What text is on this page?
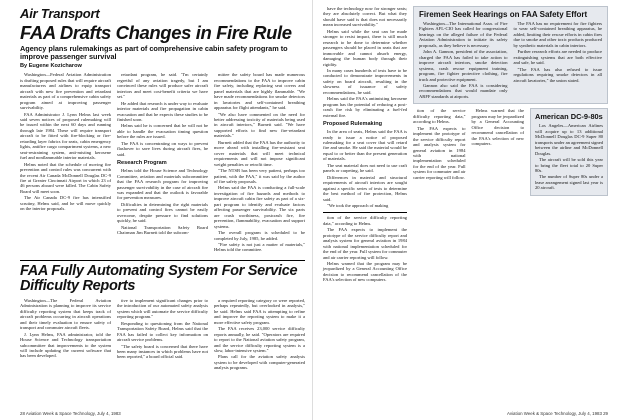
Air Transport
FAA Drafts Changes in Fire Rule
Agency plans rulemakings as part of comprehensive cabin safety program to improve passenger survival
By Eugene Kozicharow

Washington—Federal Aviation Administration is drafting proposed rules that will require aircraft manufacturers and airlines to equip transport aircraft with new fire prevention and retardant materials as part of a comprehensive cabin safety program aimed at improving passenger survivability.

FAA Administrator J. Lynn Helms last week said seven notices of proposed rulemaking will be issued within the next 60 days and running through late 1984. These will require transport aircraft to be fitted with fire-blocking or fire-retarding layer fabrics for seats, cabin emergency lights, antifire cargo compartment systems, a new seat-restraining system, anti-misting kerosene fuel and nonflammable interior materials.

Helms noted that the schedule of moving fire prevention and control rules was concurrent with the recent Air Canada McDonnell Douglas DC-9 fire at Greater Cincinnati Airport in which 23 of 46 persons aboard were killed. The Cabin Safety Board will meet soon.

The Air Canada DC-9 fire has intensified scrutiny, Helms said, and he will move quickly on the interior proposals.

retardant program, he said. "I'm certainly regretful of any aviation tragedy, but I am convinced these rules will produce safer aircraft interiors and meet cost-benefit criteria we have set."

He added that research is under way to evaluate interior materials and fire propagation in cabin evacuation and that he expects these studies to be finished soon.

Helms said he is concerned that he will not be able to handle the evacuation timing question before the rules are issued.

The FAA is concentrating on ways to prevent flashover to save lives during aircraft fires, he said.

Research Program

Helms told the House Science and Technology Committee, aviation and materials subcommittee that the FAA research program for improving passenger survivability in the case of aircraft fire was expanded and that the outlook is favorable for prevention measures.

Difficulties in determining the right materials to prevent and control fires cannot be easily overcome, despite pressure to find solutions quickly, he said.

National Transportation Safety Board Chairman Jim Burnett told the subcom-

mittee the safety board has made numerous recommendations to the FAA to improve cabin fire safety, including replacing seat covers and panel materials that are highly flammable. "We have made recommendations for smoke detectors in lavatories and self-contained breathing apparatus for flight attendants," he said.

"We also have commented on the need for better addressing toxicity of materials being used in aircraft interiors," Burnett said. "We have supported efforts to find new fire-retardant materials."

Burnett added that the FAA has the authority to move ahead with installing fire-resistant seat cover materials that will meet technical requirements and will not impose significant weight penalties or retrofit time.

"The NTSB has been very patient, perhaps too patient, with the FAA," it was said by the author of fire safety proposals.

Helms said the FAA is conducting a full-scale investigation of fire hazards and methods to improve aircraft cabin fire safety as part of a six-part program to identify and evaluate factors affecting passenger survivability. The six parts are crash worthiness, postcrash fire, fire prevention, flammability, evacuation and support systems.

The overall program is scheduled to be completed by July, 1985, he added.

"Fire safety is not just a matter of materials," Helms told the committee.

FAA Fully Automating System For Service Difficulty Reports

Washington—The Federal Aviation Administration is planning to improve its service difficulty reporting system that keeps track of aircraft problems occurring in aircraft operations and their timely evaluation to ensure safety of transport and commuter aircraft fleets.

J. Lynn Helms, FAA administrator, told the House Science and Technology transportation subcommittee that improvements to the system will include updating the current software that has been developed.

tive to implement significant changes prior to the introduction of our automated safety analysis system which will automate the service difficulty reporting program."

Responding to questioning from the National Transportation Safety Board, Helms said that the FAA has failed to collect key information on aircraft service problems.

"The safety board is concerned that there have been many instances in which problems have not been reported," a board official said.

a required reporting category or were reported, perhaps repeatedly, but overlooked in analysis," he said. Helms said FAA is attempting to refine and improve the reporting system to make it a more effective safety program.

The FAA receives 23,000 service difficulty reports annually, he said. "Operators are required to report to the National aviation safety program, and the service difficulty reporting system is a slow, labor-intensive system."

Plans call for the aviation safety analysis system to be developed with computer-generated analysis programs.

28 Aviation Week & Space Technology, July 4, 1983

have the technology now for stronger seats; they are absolutely correct. But what they should have said is that does not necessarily mean increased survivability."

Helms said while the seat can be made stronger to resist impact, there is still much research to be done to determine whether passengers should be placed in seats that are immovable and cannot absorb energy, damaging the human body through their rigidity.

In many cases hundreds of tests have to be conducted to demonstrate improvements in safety on board aircraft, resulting in the slowness of issuance of safety recommendations, he said.

Helms said the FAA's antimisting kerosene program has the potential of reducing a post-crash fire risk by eliminating a fuel-fed external fire.

Proposed Rulemaking

In the area of seats, Helms said the FAA is ready to issue a notice of proposed rulemaking for a seat cover that will retard fire and smoke. He said the material would be equal to or better than the present generation of materials.

The seat material does not need to use craft panels or carpeting, he said.

Differences in material and structural requirements of aircraft interiors are sought against a specific series of tests to determine the best method of fire protection, Helms said.

"We took the approach of making

tion of the service difficulty reporting data," according to Helms.

The FAA expects to implement the prototype of the service difficulty report and analysis system for general aviation in 1984 with national implementation scheduled for the end of the year. Full system for commuter and air carrier reporting will follow.

Helms warned that the program may be jeopardized by a General Accounting Office decision to recommend cancellation of the FAA's selection of new computers.

Firemen Seek Hearings on FAA Safety Effort

Washington—The International Assn. of Fire Fighters AFL-CIO has called for congressional hearings on the alleged failure of the Federal Aviation Administration to initiate its safety proposals, as they believe is necessary.

John A. Gannon, president of the association, charged the FAA has failed to take action to improve aircraft interiors, smoke detection systems, crash rescue equipment training, program, fire fighter protective clothing, fire truck and protective equipment.

Gannon also said the FAA is considering recommendations that would mandate only ARFF standards at airports.

The FAA has no requirement for fire fighters to wear self-contained breathing apparatus, he added, limiting their rescue efforts in cabin fires due to smoke and other toxic products produced by synthetic materials in cabin interiors.

Further research efforts are needed to produce extinguishing systems that are both effective and safe, he said.

"The FAA has also refused to issue regulations requiring smoke detectors in all aircraft lavatories," the union stated.

tion of the service difficulty reporting data," according to Helms.

The FAA expects to implement the prototype of the service difficulty report and analysis system for general aviation in 1984 with national implementation scheduled for the end of the year. Full system for commuter and air carrier reporting will follow.

Helms warned that the program may be jeopardized by a General Accounting Office decision to recommend cancellation of the FAA's selection of new computers.

American DC-9-80s

Los Angeles—American Airlines will acquire up to 13 additional McDonnell Douglas DC-9 Super 80 transports under an agreement signed between the airline and McDonnell Douglas.

The aircraft will be sold this year to bring the fleet total to 20 Super 80s.

The number of Super 80s under a lease arrangement signed last year is 20 aircraft.

Aviation Week & Space Technology, July 4, 1983 29
